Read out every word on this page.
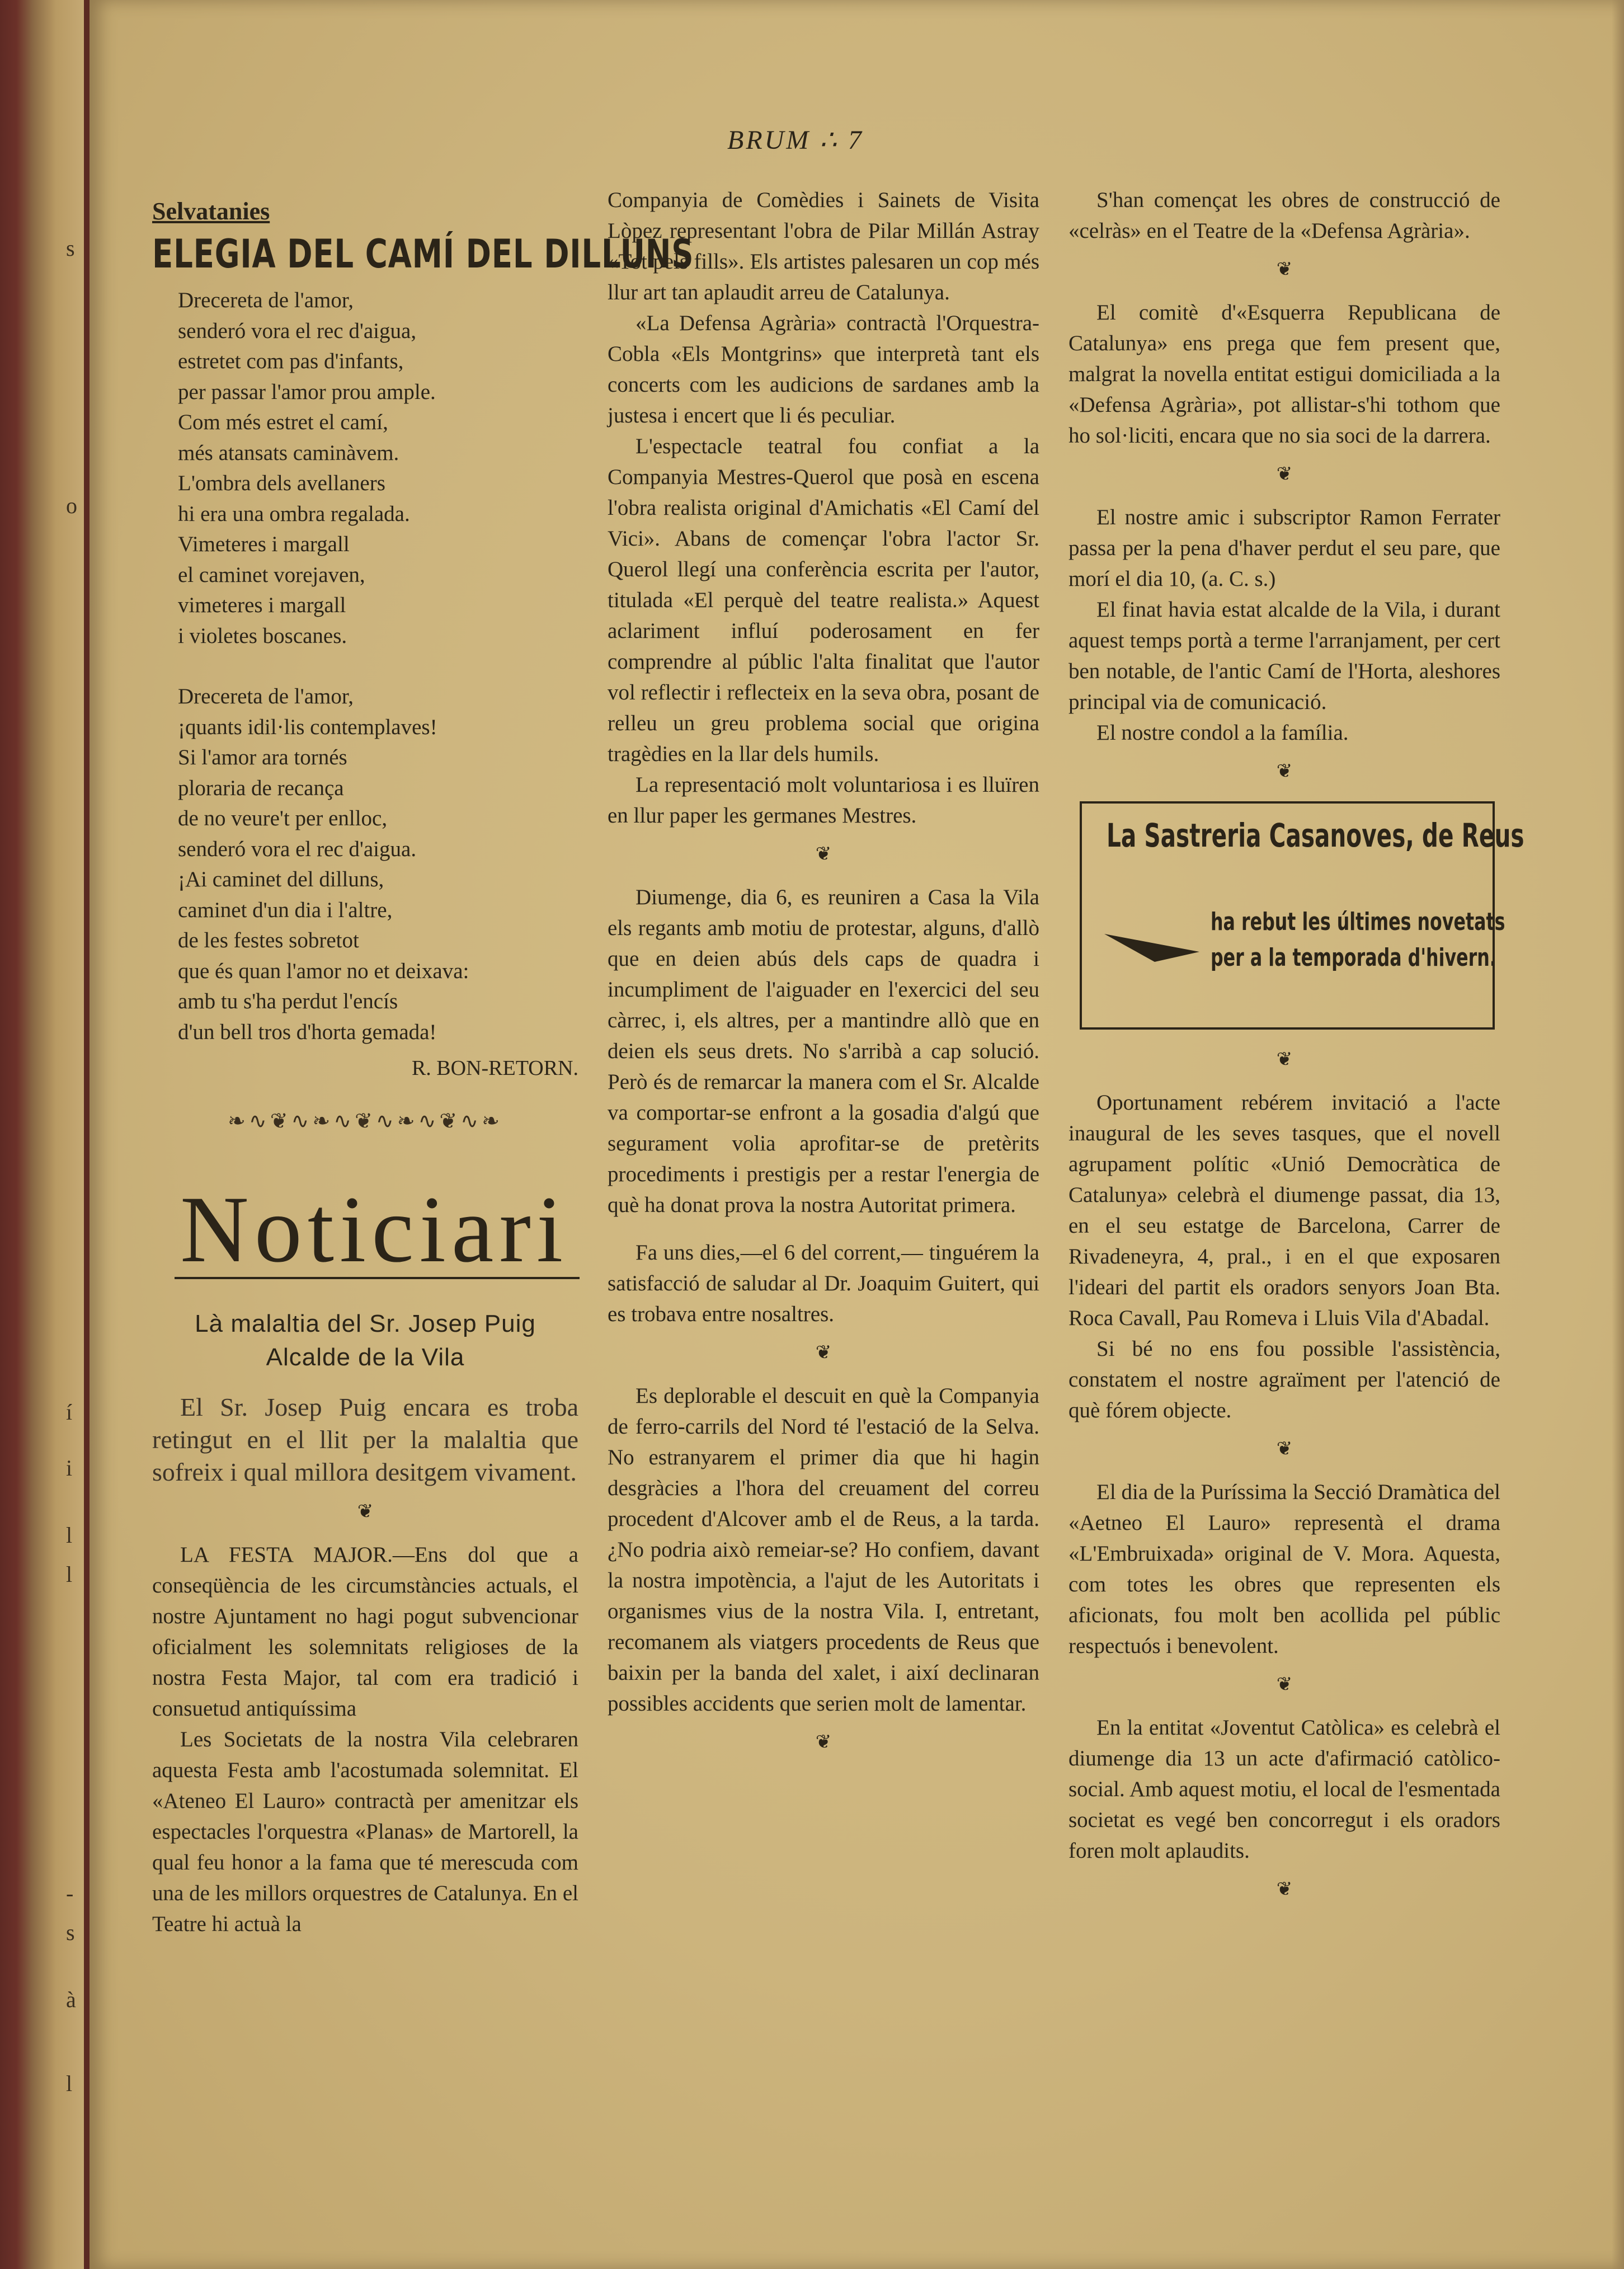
s
o
í
i
l
l
-
s
à
l
BRUM ∴ 7
Selvatanies
ELEGIA DEL CAMÍ DEL DILLUNS
Drecereta de l'amor,
senderó vora el rec d'aigua,
estretet com pas d'infants,
per passar l'amor prou ample.
Com més estret el camí,
més atansats caminàvem.
L'ombra dels avellaners
hi era una ombra regalada.
Vimeteres i margall
el caminet vorejaven,
vimeteres i margall
i violetes boscanes.
Drecereta de l'amor,
¡quants idil·lis contemplaves!
Si l'amor ara tornés
ploraria de recança
de no veure't per enlloc,
senderó vora el rec d'aigua.
¡Ai caminet del dilluns,
caminet d'un dia i l'altre,
de les festes sobretot
que és quan l'amor no et deixava:
amb tu s'ha perdut l'encís
d'un bell tros d'horta gemada!
R. BON-RETORN.
❧∿❦∿❧∿❦∿❧∿❦∿❧
Noticiari
Là malaltia del Sr. Josep Puig Alcalde de la Vila

El Sr. Josep Puig encara es troba retingut en el llit per la malaltia que sofreix i qual millora desitgem vivament.

❦

LA FESTA MAJOR.—Ens dol que a conseqüència de les circumstàncies actuals, el nostre Ajuntament no hagi pogut subvencionar oficialment les solemnitats religioses de la nostra Festa Major, tal com era tradició i consuetud antiquíssima

Les Societats de la nostra Vila celebraren aquesta Festa amb l'acostumada solemnitat. El «Ateneo El Lauro» contractà per amenitzar els espectacles l'orquestra «Planas» de Martorell, la qual feu honor a la fama que té merescuda com una de les millors orquestres de Catalunya. En el Teatre hi actuà la

Companyia de Comèdies i Sainets de Visita Lòpez representant l'obra de Pilar Millán Astray «Tot pels fills». Els artistes palesaren un cop més llur art tan aplaudit arreu de Catalunya.

«La Defensa Agrària» contractà l'Orquestra-Cobla «Els Montgrins» que interpretà tant els concerts com les audicions de sardanes amb la justesa i encert que li és peculiar.

L'espectacle teatral fou confiat a la Companyia Mestres-Querol que posà en escena l'obra realista original d'Amichatis «El Camí del Vici». Abans de començar l'obra l'actor Sr. Querol llegí una conferència escrita per l'autor, titulada «El perquè del teatre realista.» Aquest aclariment influí poderosament en fer comprendre al públic l'alta finalitat que l'autor vol reflectir i reflecteix en la seva obra, posant de relleu un greu problema social que origina tragèdies en la llar dels humils.

La representació molt voluntariosa i es lluïren en llur paper les germanes Mestres.

❦

Diumenge, dia 6, es reuniren a Casa la Vila els regants amb motiu de protestar, alguns, d'allò que en deien abús dels caps de quadra i incumpliment de l'aiguader en l'exercici del seu càrrec, i, els altres, per a mantindre allò que en deien els seus drets. No s'arribà a cap solució. Però és de remarcar la manera com el Sr. Alcalde va comportar-se enfront a la gosadia d'algú que segurament volia aprofitar-se de pretèrits procediments i prestigis per a restar l'energia de què ha donat prova la nostra Autoritat primera.

Fa uns dies,—el 6 del corrent,— tinguérem la satisfacció de saludar al Dr. Joaquim Guitert, qui es trobava entre nosaltres.

❦

Es deplorable el descuit en què la Companyia de ferro-carrils del Nord té l'estació de la Selva. No estranyarem el primer dia que hi hagin desgràcies a l'hora del creuament del correu procedent d'Alcover amb el de Reus, a la tarda. ¿No podria això remeiar-se? Ho confiem, davant la nostra impotència, a l'ajut de les Autoritats i organismes vius de la nostra Vila. I, entretant, recomanem als viatgers procedents de Reus que baixin per la banda del xalet, i així declinaran possibles accidents que serien molt de lamentar.

❦

S'han començat les obres de construcció de «celràs» en el Teatre de la «Defensa Agrària».

❦

El comitè d'«Esquerra Republicana de Catalunya» ens prega que fem present que, malgrat la novella entitat estigui domiciliada a la «Defensa Agrària», pot allistar-s'hi tothom que ho sol·liciti, encara que no sia soci de la darrera.

❦

El nostre amic i subscriptor Ramon Ferrater passa per la pena d'haver perdut el seu pare, que morí el dia 10, (a. C. s.)

El finat havia estat alcalde de la Vila, i durant aquest temps portà a terme l'arranjament, per cert ben notable, de l'antic Camí de l'Horta, aleshores principal via de comunicació.

El nostre condol a la família.

❦
La Sastreria Casanoves, de Reus
ha rebut les últimes novetats
per a la temporada d'hivern.
❦

Oportunament rebérem invitació a l'acte inaugural de les seves tasques, que el novell agrupament polític «Unió Democràtica de Catalunya» celebrà el diumenge passat, dia 13, en el seu estatge de Barcelona, Carrer de Rivadeneyra, 4, pral., i en el que exposaren l'ideari del partit els oradors senyors Joan Bta. Roca Cavall, Pau Romeva i Lluis Vila d'Abadal.

Si bé no ens fou possible l'assistència, constatem el nostre agraïment per l'atenció de què fórem objecte.

❦

El dia de la Puríssima la Secció Dramàtica del «Aetneo El Lauro» representà el drama «L'Embruixada» original de V. Mora. Aquesta, com totes les obres que representen els aficionats, fou molt ben acollida pel públic respectuós i benevolent.

❦

En la entitat «Joventut Catòlica» es celebrà el diumenge dia 13 un acte d'afirmació catòlico-social. Amb aquest motiu, el local de l'esmentada societat es vegé ben concorregut i els oradors foren molt aplaudits.

❦
